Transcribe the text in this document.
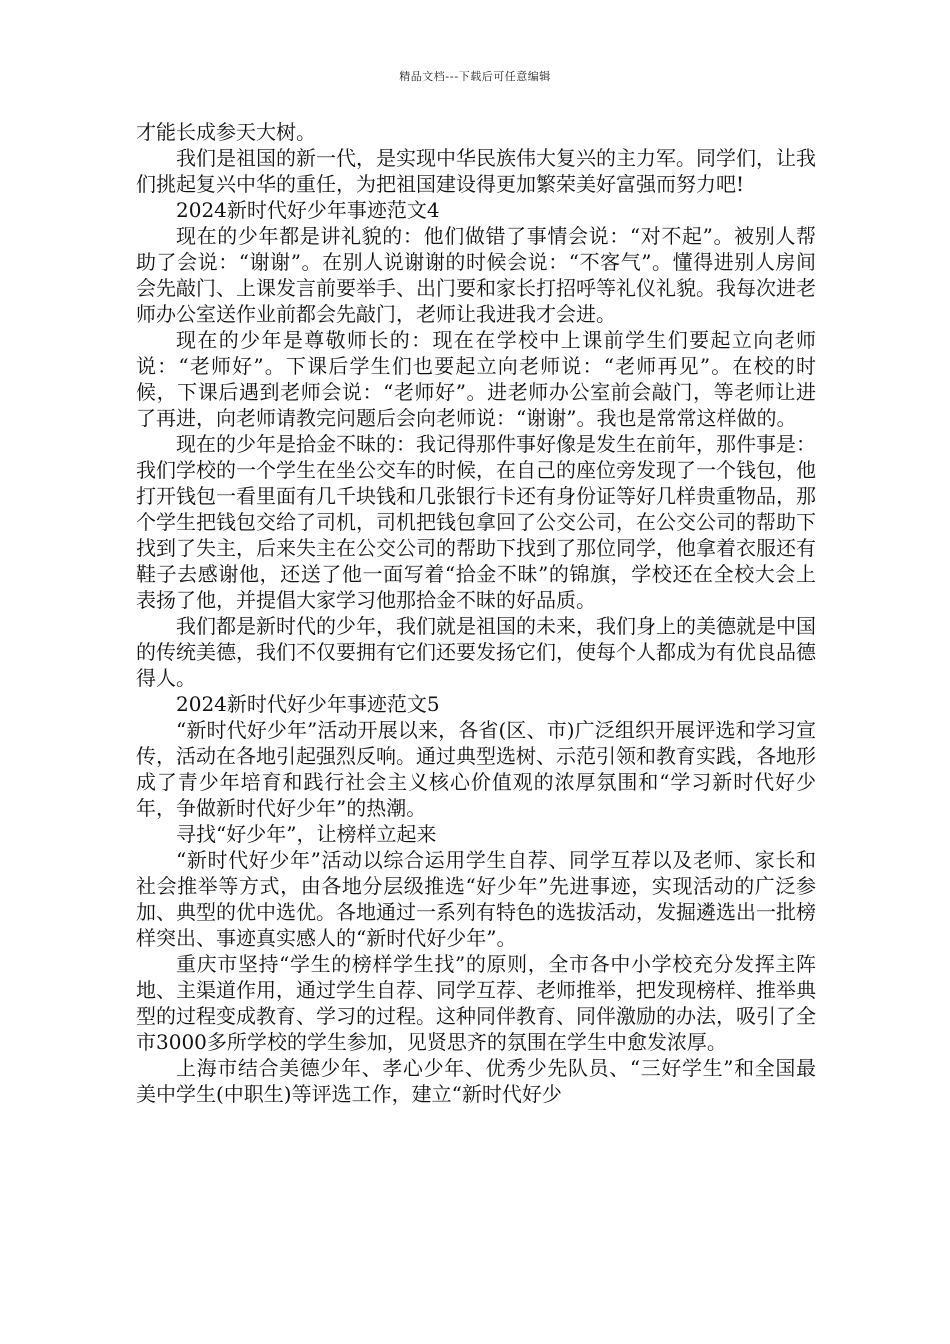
精品文档---下载后可任意编辑

才能长成参天大树。

我们是祖国的新一代，是实现中华民族伟大复兴的主力军。同学们，让我们挑起复兴中华的重任，为把祖国建设得更加繁荣美好富强而努力吧!

2024新时代好少年事迹范文4

现在的少年都是讲礼貌的：他们做错了事情会说：“对不起”。被别人帮助了会说：“谢谢”。在别人说谢谢的时候会说：“不客气”。懂得进别人房间会先敲门、上课发言前要举手、出门要和家长打招呼等礼仪礼貌。我每次进老师办公室送作业前都会先敲门，老师让我进我才会进。

现在的少年是尊敬师长的：现在在学校中上课前学生们要起立向老师说：“老师好”。下课后学生们也要起立向老师说：“老师再见”。在校的时候，下课后遇到老师会说：“老师好”。进老师办公室前会敲门，等老师让进了再进，向老师请教完问题后会向老师说：“谢谢”。我也是常常这样做的。

现在的少年是拾金不昧的：我记得那件事好像是发生在前年，那件事是：我们学校的一个学生在坐公交车的时候，在自己的座位旁发现了一个钱包，他打开钱包一看里面有几千块钱和几张银行卡还有身份证等好几样贵重物品，那个学生把钱包交给了司机，司机把钱包拿回了公交公司，在公交公司的帮助下找到了失主，后来失主在公交公司的帮助下找到了那位同学，他拿着衣服还有鞋子去感谢他，还送了他一面写着“拾金不昧”的锦旗，学校还在全校大会上表扬了他，并提倡大家学习他那拾金不昧的好品质。

我们都是新时代的少年，我们就是祖国的未来，我们身上的美德就是中国的传统美德，我们不仅要拥有它们还要发扬它们，使每个人都成为有优良品德得人。

2024新时代好少年事迹范文5

“新时代好少年”活动开展以来，各省(区、市)广泛组织开展评选和学习宣传，活动在各地引起强烈反响。通过典型选树、示范引领和教育实践，各地形成了青少年培育和践行社会主义核心价值观的浓厚氛围和“学习新时代好少年，争做新时代好少年”的热潮。

寻找“好少年”，让榜样立起来

“新时代好少年”活动以综合运用学生自荐、同学互荐以及老师、家长和社会推举等方式，由各地分层级推选“好少年”先进事迹，实现活动的广泛参加、典型的优中选优。各地通过一系列有特色的选拔活动，发掘遴选出一批榜样突出、事迹真实感人的“新时代好少年”。

重庆市坚持“学生的榜样学生找”的原则，全市各中小学校充分发挥主阵地、主渠道作用，通过学生自荐、同学互荐、老师推举，把发现榜样、推举典型的过程变成教育、学习的过程。这种同伴教育、同伴激励的办法，吸引了全市3000多所学校的学生参加，见贤思齐的氛围在学生中愈发浓厚。

上海市结合美德少年、孝心少年、优秀少先队员、“三好学生”和全国最美中学生(中职生)等评选工作，建立“新时代好少
